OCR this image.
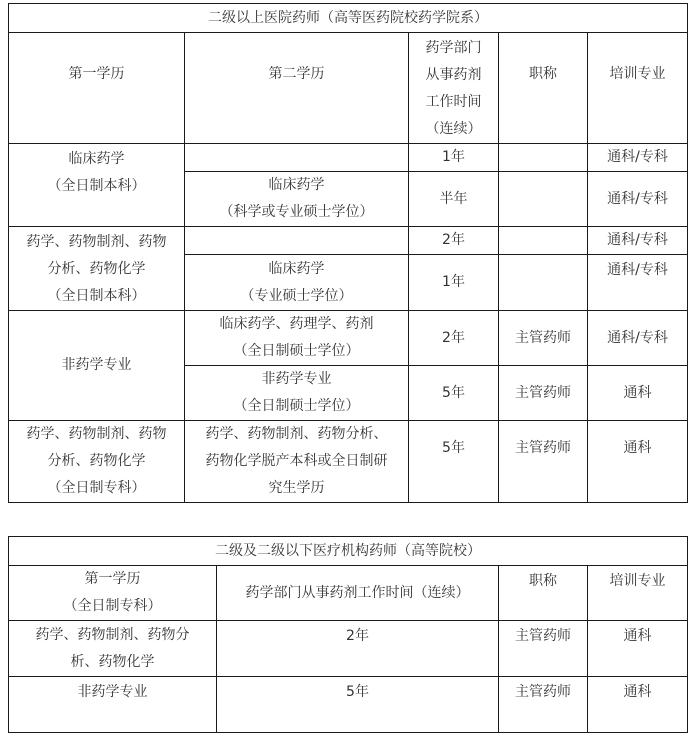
二级以上医院药师（高等医药院校药学院系）				
第一学历	第二学历	药学部门
从事药剂
工作时间
（连续）	职称	培训专业

临床药学
（全日制本科）		1年		通科/专科

	临床药学
（科学或专业硕士学位）	半年		通科/专科

药学、药物制剂、药物
分析、药物化学
（全日制本科）		2年		通科/专科

	临床药学
（专业硕士学位）	1年		通科/专科

非药学专业	临床药学、药理学、药剂
（全日制硕士学位）	2年	主管药师	通科/专科

	非药学专业
（全日制硕士学位）	5年	主管药师	通科

药学、药物制剂、药物
分析、药物化学
（全日制专科）	药学、药物制剂、药物分析、
药物化学脱产本科或全日制研
究生学历	5年	主管药师	通科
二级及二级以下医疗机构药师（高等院校）			

第一学历
（全日制专科）	药学部门从事药剂工作时间（连续）	职称	培训专业

药学、药物制剂、药物分
析、药物化学	2年	主管药师	通科

非药学专业	5年	主管药师	通科
